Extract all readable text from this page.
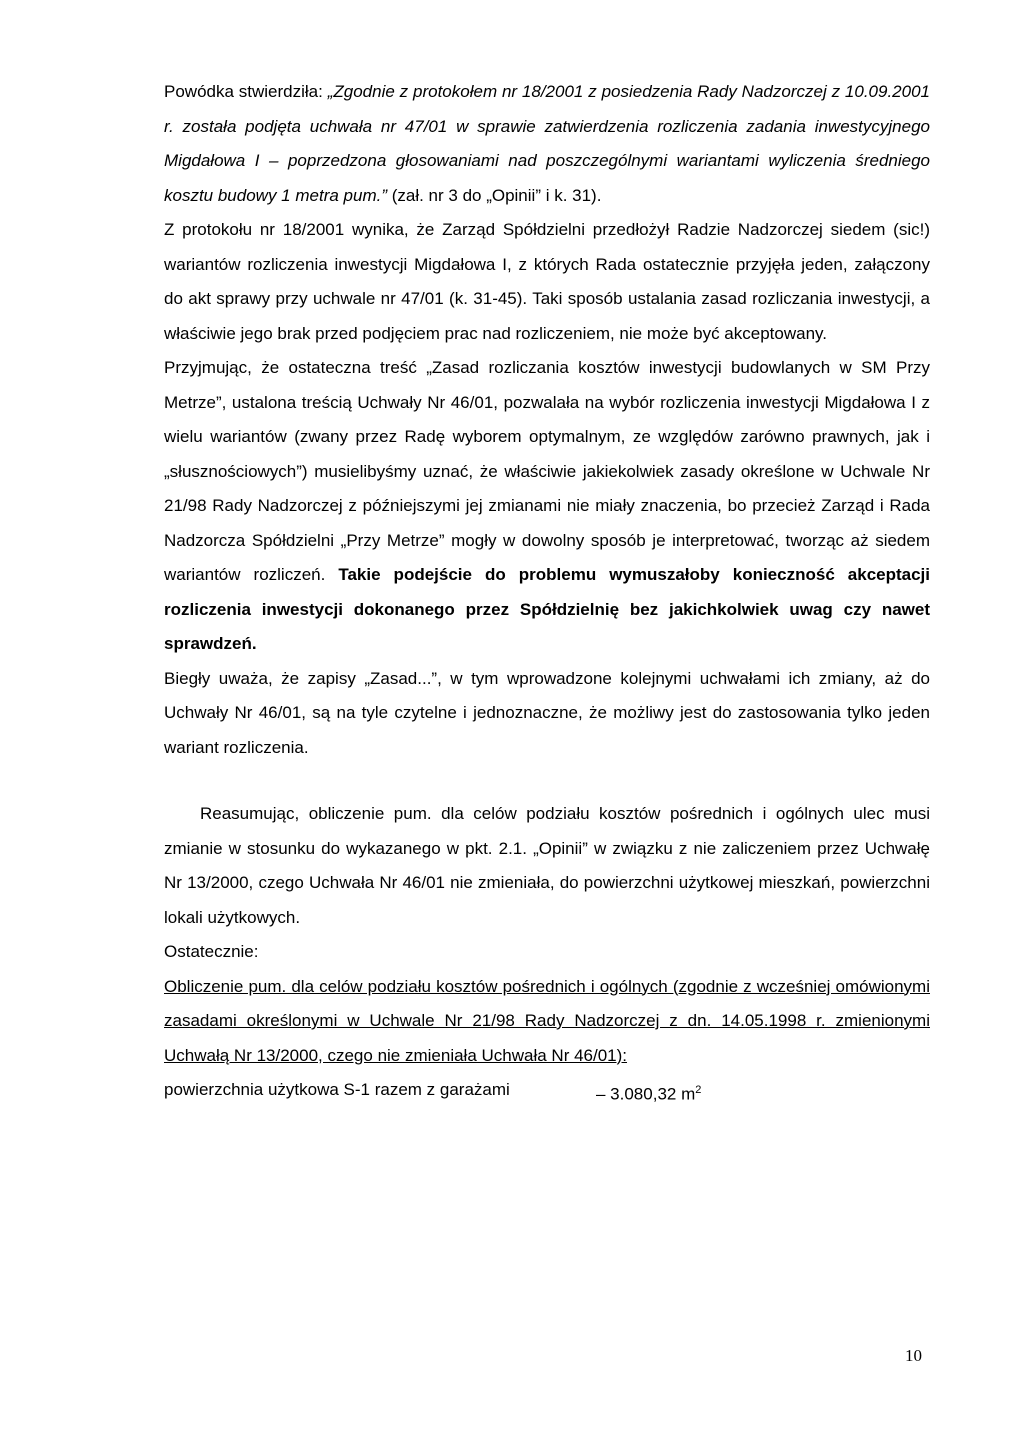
Powódka stwierdziła: „Zgodnie z protokołem nr 18/2001 z posiedzenia Rady Nadzorczej z 10.09.2001 r. została podjęta uchwała nr 47/01 w sprawie zatwierdzenia rozliczenia zadania inwestycyjnego Migdałowa I – poprzedzona głosowaniami nad poszczególnymi wariantami wyliczenia średniego kosztu budowy 1 metra pum.” (zał. nr 3 do „Opinii” i k. 31).

Z protokołu nr 18/2001 wynika, że Zarząd Spółdzielni przedłożył Radzie Nadzorczej siedem (sic!) wariantów rozliczenia inwestycji Migdałowa I, z których Rada ostatecznie przyjęła jeden, załączony do akt sprawy przy uchwale nr 47/01 (k. 31-45). Taki sposób ustalania zasad rozliczania inwestycji, a właściwie jego brak przed podjęciem prac nad rozliczeniem, nie może być akceptowany.

Przyjmując, że ostateczna treść „Zasad rozliczania kosztów inwestycji budowlanych w SM Przy Metrze”, ustalona treścią Uchwały Nr 46/01, pozwalała na wybór rozliczenia inwestycji Migdałowa I z wielu wariantów (zwany przez Radę wyborem optymalnym, ze względów zarówno prawnych, jak i „słusznościowych”) musielibyśmy uznać, że właściwie jakiekolwiek zasady określone w Uchwale Nr 21/98 Rady Nadzorczej z późniejszymi jej zmianami nie miały znaczenia, bo przecież Zarząd i Rada Nadzorcza Spółdzielni „Przy Metrze” mogły w dowolny sposób je interpretować, tworząc aż siedem wariantów rozliczeń. Takie podejście do problemu wymuszałoby konieczność akceptacji rozliczenia inwestycji dokonanego przez Spółdzielnię bez jakichkolwiek uwag czy nawet sprawdzeń.

Biegły uważa, że zapisy „Zasad...”, w tym wprowadzone kolejnymi uchwałami ich zmiany, aż do Uchwały Nr 46/01, są na tyle czytelne i jednoznaczne, że możliwy jest do zastosowania tylko jeden wariant rozliczenia.

Reasumując, obliczenie pum. dla celów podziału kosztów pośrednich i ogólnych ulec musi zmianie w stosunku do wykazanego w pkt. 2.1. „Opinii” w związku z nie zaliczeniem przez Uchwałę Nr 13/2000, czego Uchwała Nr 46/01 nie zmieniała, do powierzchni użytkowej mieszkań, powierzchni lokali użytkowych.

Ostatecznie:

Obliczenie pum. dla celów podziału kosztów pośrednich i ogólnych (zgodnie z wcześniej omówionymi zasadami określonymi w Uchwale Nr 21/98 Rady Nadzorczej z dn. 14.05.1998 r. zmienionymi Uchwałą Nr 13/2000, czego nie zmieniała Uchwała Nr 46/01):

powierzchnia użytkowa S-1 razem z garażami	– 3.080,32 $m^2$
10
